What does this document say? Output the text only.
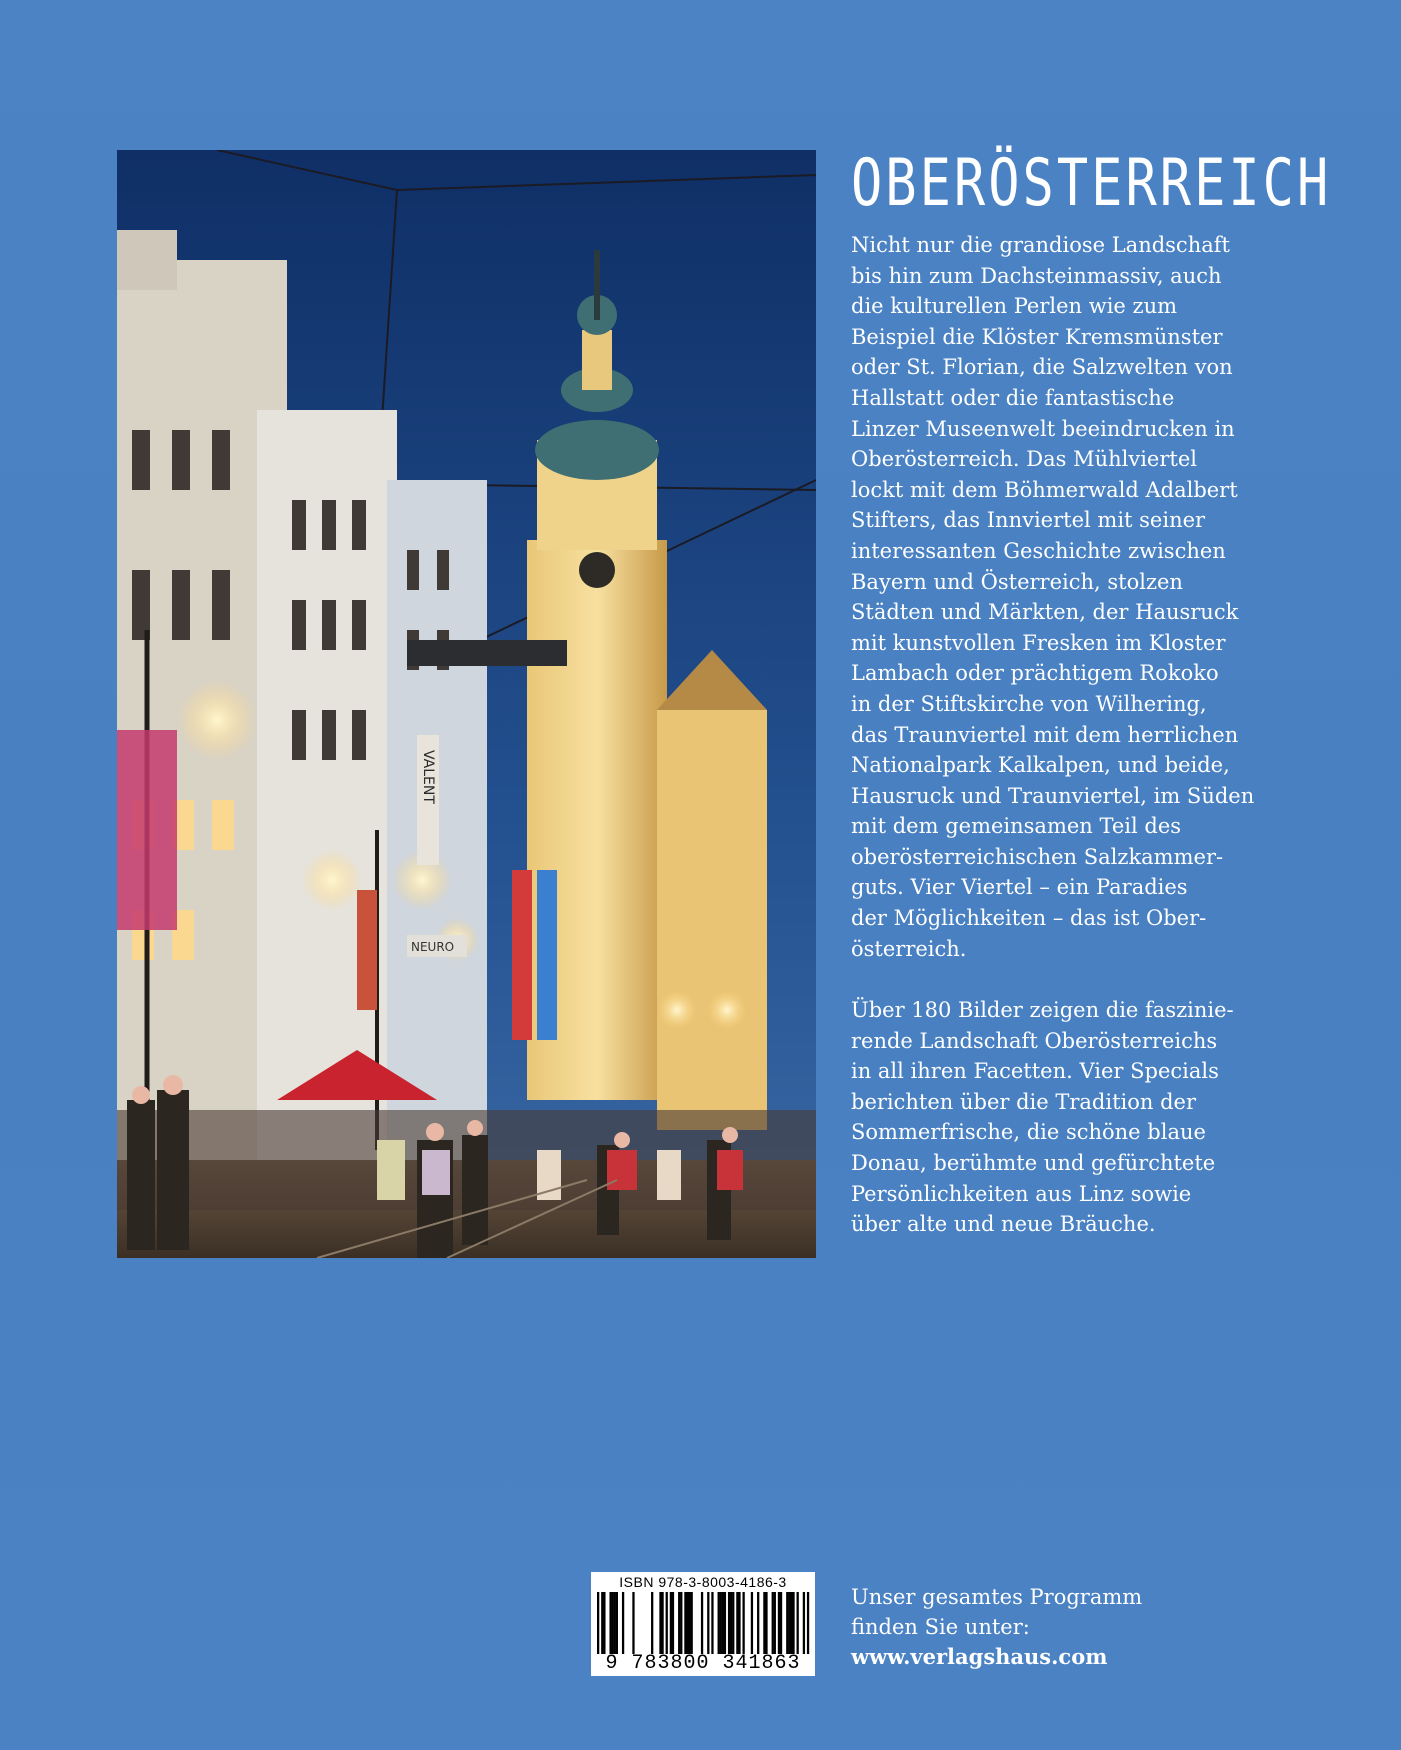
VALENT
NEURO
OBERÖSTERREICH

Nicht nur die grandiose Landschaft
bis hin zum Dachsteinmassiv, auch
die kulturellen Perlen wie zum
Beispiel die Klöster Kremsmünster
oder St. Florian, die Salzwelten von
Hallstatt oder die fantastische
Linzer Museenwelt beeindrucken in
Oberösterreich. Das Mühlviertel
lockt mit dem Böhmerwald Adalbert
Stifters, das Innviertel mit seiner
interessanten Geschichte zwischen
Bayern und Österreich, stolzen
Städten und Märkten, der Hausruck
mit kunstvollen Fresken im Kloster
Lambach oder prächtigem Rokoko
in der Stiftskirche von Wilhering,
das Traunviertel mit dem herrlichen
Nationalpark Kalkalpen, und beide,
Hausruck und Traunviertel, im Süden
mit dem gemeinsamen Teil des
oberösterreichischen Salzkammer-
guts. Vier Viertel – ein Paradies
der Möglichkeiten – das ist Ober-
österreich.

Über 180 Bilder zeigen die faszinie-
rende Landschaft Oberösterreichs
in all ihren Facetten. Vier Specials
berichten über die Tradition der
Sommerfrische, die schöne blaue
Donau, berühmte und gefürchtete
Persönlichkeiten aus Linz sowie
über alte und neue Bräuche.

ISBN 978-3-8003-4186-3
9 783800 341863

Unser gesamtes Programm
finden Sie unter:
www.verlagshaus.com
